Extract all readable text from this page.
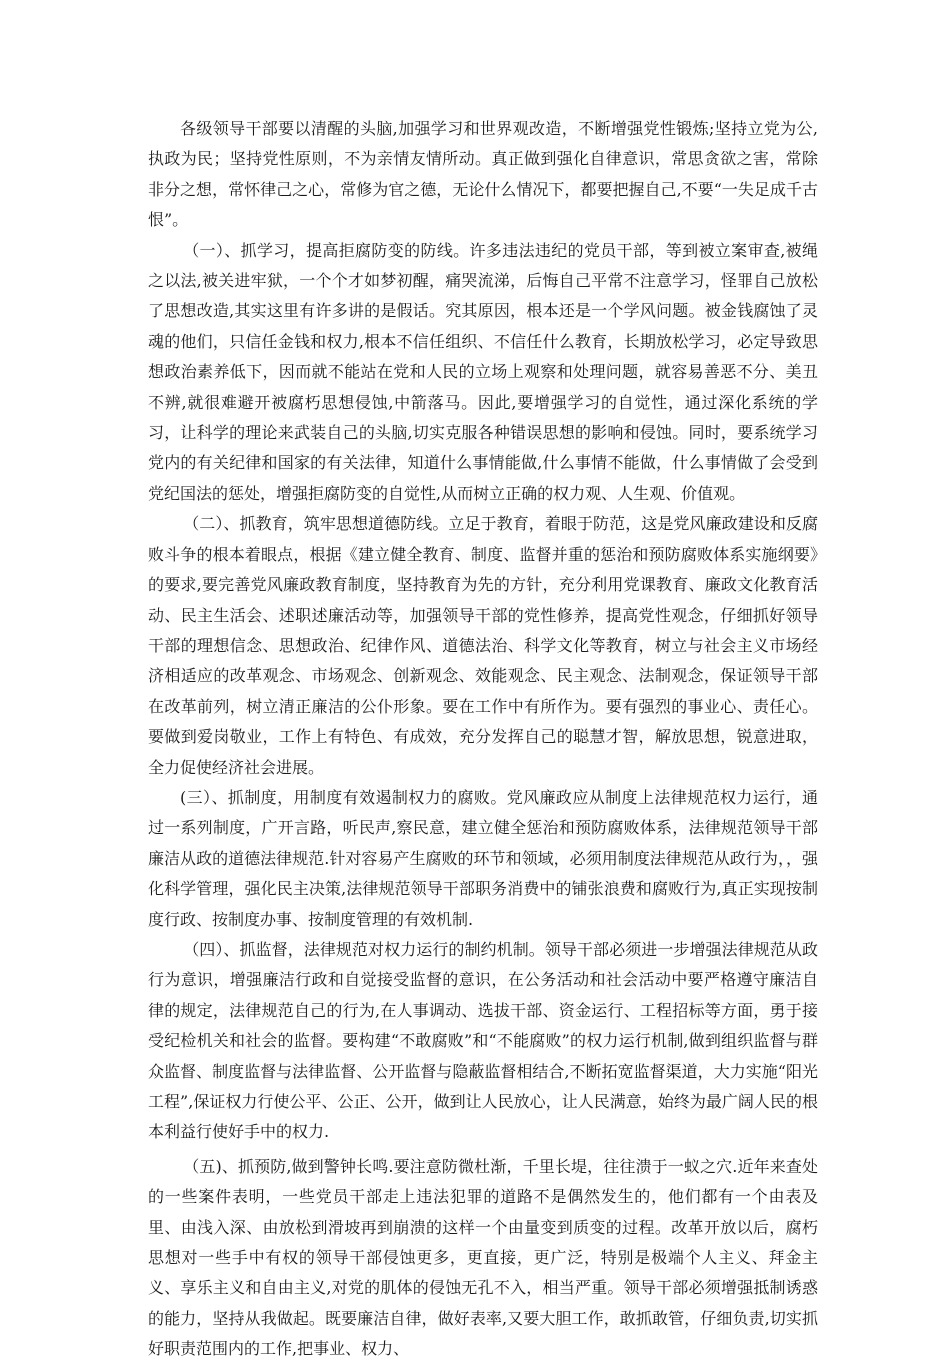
各级领导干部要以清醒的头脑,加强学习和世界观改造，不断增强党性锻炼;坚持立党为公,执政为民；坚持党性原则，不为亲情友情所动。真正做到强化自律意识，常思贪欲之害，常除非分之想，常怀律己之心，常修为官之德，无论什么情况下，都要把握自己,不要“一失足成千古恨”。

（一）、抓学习，提高拒腐防变的防线。许多违法违纪的党员干部，等到被立案审查,被绳之以法,被关进牢狱，一个个才如梦初醒，痛哭流涕，后悔自己平常不注意学习，怪罪自己放松了思想改造,其实这里有许多讲的是假话。究其原因，根本还是一个学风问题。被金钱腐蚀了灵魂的他们，只信任金钱和权力,根本不信任组织、不信任什么教育，长期放松学习，必定导致思想政治素养低下，因而就不能站在党和人民的立场上观察和处理问题，就容易善恶不分、美丑不辨,就很难避开被腐朽思想侵蚀,中箭落马。因此,要增强学习的自觉性，通过深化系统的学习，让科学的理论来武装自己的头脑,切实克服各种错误思想的影响和侵蚀。同时，要系统学习党内的有关纪律和国家的有关法律，知道什么事情能做,什么事情不能做，什么事情做了会受到党纪国法的惩处，增强拒腐防变的自觉性,从而树立正确的权力观、人生观、价值观。

（二）、抓教育，筑牢思想道德防线。立足于教育，着眼于防范，这是党风廉政建设和反腐败斗争的根本着眼点，根据《建立健全教育、制度、监督并重的惩治和预防腐败体系实施纲要》的要求,要完善党风廉政教育制度，坚持教育为先的方针，充分利用党课教育、廉政文化教育活动、民主生活会、述职述廉活动等，加强领导干部的党性修养，提高党性观念，仔细抓好领导干部的理想信念、思想政治、纪律作风、道德法治、科学文化等教育，树立与社会主义市场经济相适应的改革观念、市场观念、创新观念、效能观念、民主观念、法制观念，保证领导干部在改革前列，树立清正廉洁的公仆形象。要在工作中有所作为。要有强烈的事业心、责任心。要做到爱岗敬业，工作上有特色、有成效，充分发挥自己的聪慧才智，解放思想，锐意进取，全力促使经济社会进展。

(三）、抓制度，用制度有效遏制权力的腐败。党风廉政应从制度上法律规范权力运行，通过一系列制度，广开言路，听民声,察民意，建立健全惩治和预防腐败体系，法律规范领导干部廉洁从政的道德法律规范.针对容易产生腐败的环节和领域，必须用制度法律规范从政行为，，强化科学管理，强化民主决策,法律规范领导干部职务消费中的铺张浪费和腐败行为,真正实现按制度行政、按制度办事、按制度管理的有效机制.

（四）、抓监督，法律规范对权力运行的制约机制。领导干部必须进一步增强法律规范从政行为意识，增强廉洁行政和自觉接受监督的意识，在公务活动和社会活动中要严格遵守廉洁自律的规定，法律规范自己的行为,在人事调动、选拔干部、资金运行、工程招标等方面，勇于接受纪检机关和社会的监督。要构建“不敢腐败”和“不能腐败”的权力运行机制,做到组织监督与群众监督、制度监督与法律监督、公开监督与隐蔽监督相结合,不断拓宽监督渠道，大力实施“阳光工程”,保证权力行使公平、公正、公开，做到让人民放心，让人民满意，始终为最广阔人民的根本利益行使好手中的权力.

（五)、抓预防,做到警钟长鸣.要注意防微杜渐，千里长堤，往往溃于一蚁之穴.近年来查处的一些案件表明，一些党员干部走上违法犯罪的道路不是偶然发生的，他们都有一个由表及里、由浅入深、由放松到滑坡再到崩溃的这样一个由量变到质变的过程。改革开放以后，腐朽思想对一些手中有权的领导干部侵蚀更多，更直接，更广泛，特别是极端个人主义、拜金主义、享乐主义和自由主义,对党的肌体的侵蚀无孔不入，相当严重。领导干部必须增强抵制诱惑的能力，坚持从我做起。既要廉洁自律，做好表率,又要大胆工作，敢抓敢管，仔细负责,切实抓好职责范围内的工作,把事业、权力、
